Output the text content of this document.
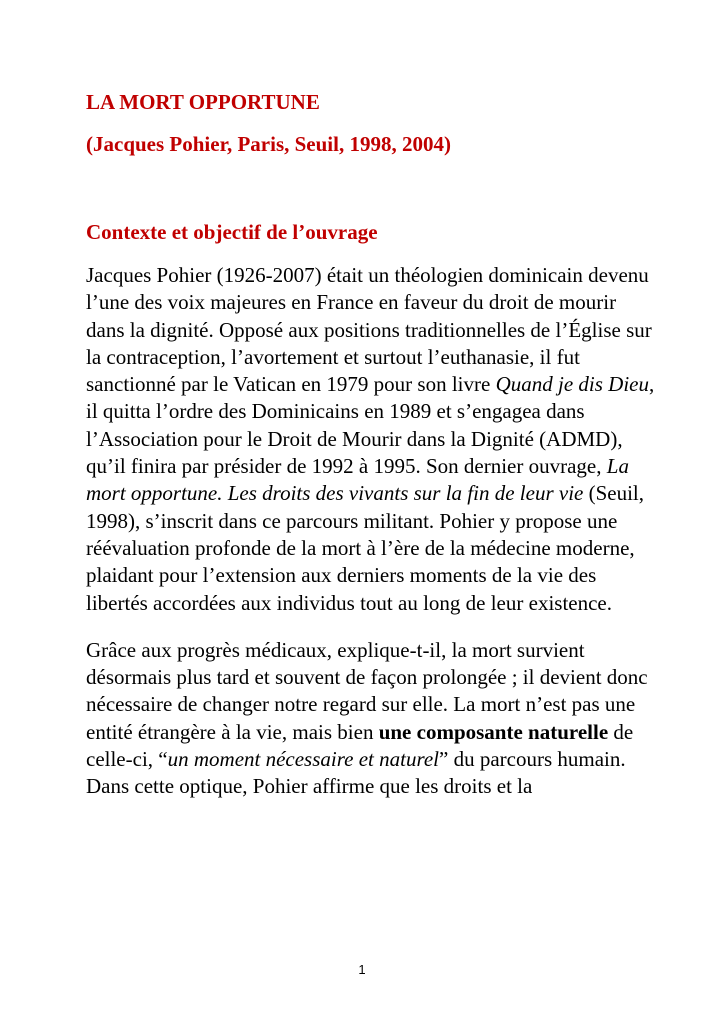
LA MORT OPPORTUNE

(Jacques Pohier, Paris, Seuil, 1998, 2004)

Contexte et objectif de l’ouvrage

Jacques Pohier (1926-2007) était un théologien dominicain devenu l’une des voix majeures en France en faveur du droit de mourir dans la dignité. Opposé aux positions traditionnelles de l’Église sur la contraception, l’avortement et surtout l’euthanasie, il fut sanctionné par le Vatican en 1979 pour son livre Quand je dis Dieu, il quitta l’ordre des Dominicains en 1989 et s’engagea dans l’Association pour le Droit de Mourir dans la Dignité (ADMD), qu’il finira par présider de 1992 à 1995. Son dernier ouvrage, La mort opportune. Les droits des vivants sur la fin de leur vie (Seuil, 1998), s’inscrit dans ce parcours militant. Pohier y propose une réévaluation profonde de la mort à l’ère de la médecine moderne, plaidant pour l’extension aux derniers moments de la vie des libertés accordées aux individus tout au long de leur existence.

Grâce aux progrès médicaux, explique-t-il, la mort survient désormais plus tard et souvent de façon prolongée ; il devient donc nécessaire de changer notre regard sur elle. La mort n’est pas une entité étrangère à la vie, mais bien une composante naturelle de celle-ci, “un moment nécessaire et naturel” du parcours humain. Dans cette optique, Pohier affirme que les droits et la

1
